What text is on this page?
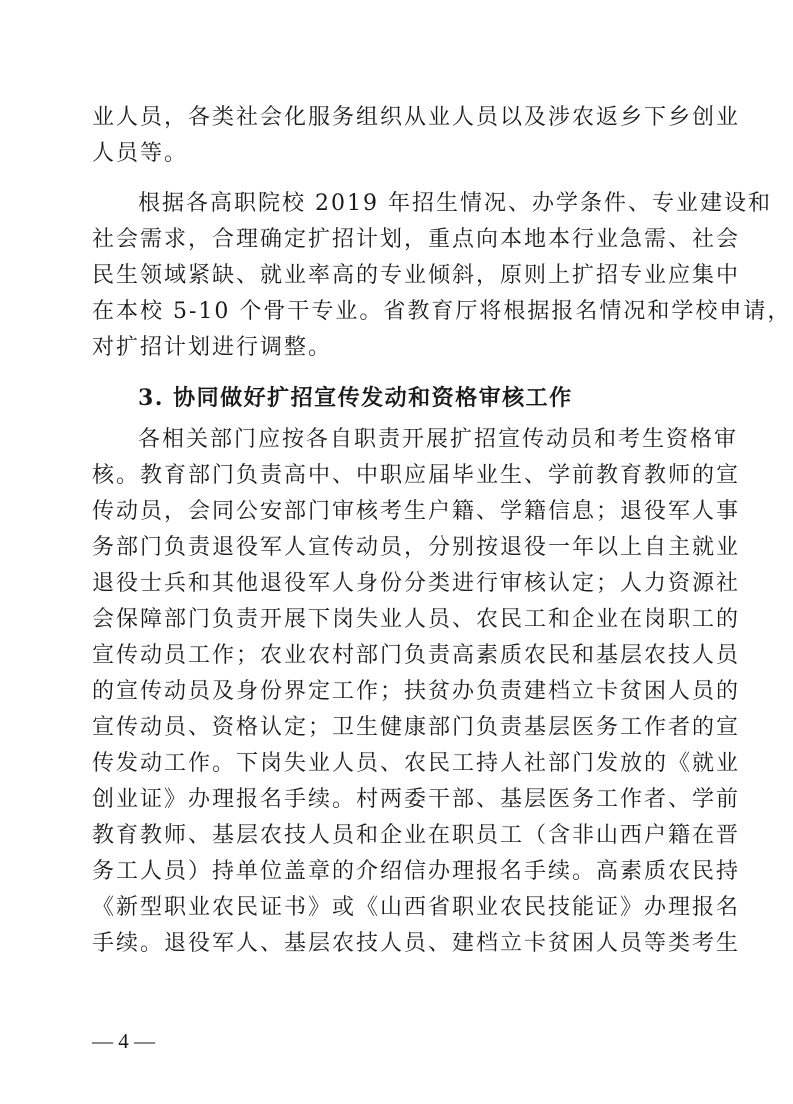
业人员，各类社会化服务组织从业人员以及涉农返乡下乡创业
人员等。
根据各高职院校 2019 年招生情况、办学条件、专业建设和
社会需求，合理确定扩招计划，重点向本地本行业急需、社会
民生领域紧缺、就业率高的专业倾斜，原则上扩招专业应集中
在本校 5-10 个骨干专业。省教育厅将根据报名情况和学校申请，
对扩招计划进行调整。
3. 协同做好扩招宣传发动和资格审核工作
各相关部门应按各自职责开展扩招宣传动员和考生资格审
核。教育部门负责高中、中职应届毕业生、学前教育教师的宣
传动员，会同公安部门审核考生户籍、学籍信息；退役军人事
务部门负责退役军人宣传动员，分别按退役一年以上自主就业
退役士兵和其他退役军人身份分类进行审核认定；人力资源社
会保障部门负责开展下岗失业人员、农民工和企业在岗职工的
宣传动员工作；农业农村部门负责高素质农民和基层农技人员
的宣传动员及身份界定工作；扶贫办负责建档立卡贫困人员的
宣传动员、资格认定；卫生健康部门负责基层医务工作者的宣
传发动工作。下岗失业人员、农民工持人社部门发放的《就业
创业证》办理报名手续。村两委干部、基层医务工作者、学前
教育教师、基层农技人员和企业在职员工（含非山西户籍在晋
务工人员）持单位盖章的介绍信办理报名手续。高素质农民持
《新型职业农民证书》或《山西省职业农民技能证》办理报名
手续。退役军人、基层农技人员、建档立卡贫困人员等类考生
— 4 —
